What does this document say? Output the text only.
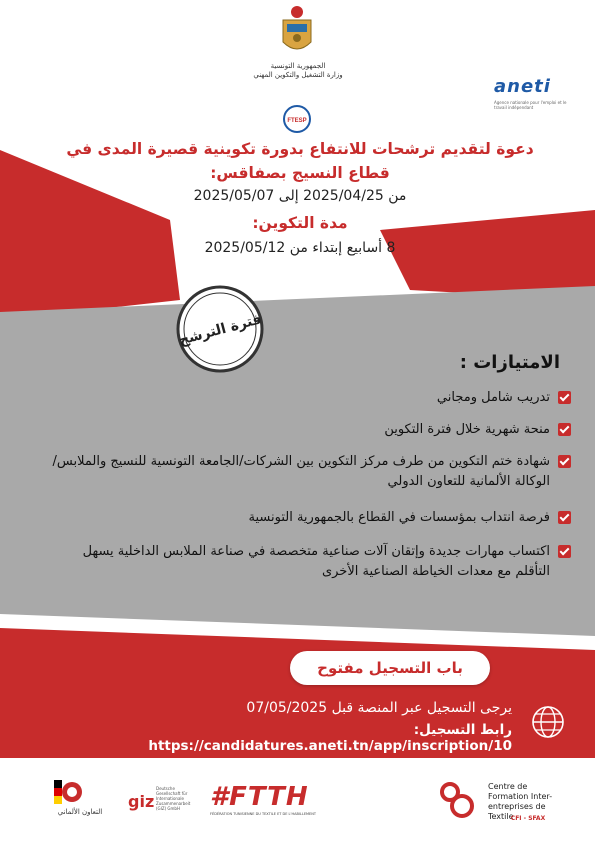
الجمهورية التونسية
وزارة التشغيل والتكوين المهني
aneti
Agence nationale pour l'emploi et le travail indépendant
FTESP
دعوة لتقديم ترشحات للانتفاع بدورة تكوينية قصيرة المدى في
قطاع النسيج بصفاقس:
من 2025/04/25 إلى 2025/05/07
مدة التكوين:
8 أسابيع إبتداء من 2025/05/12
فترة الترشح
الامتيازات :
تدريب شامل ومجاني
منحة شهرية خلال فترة التكوين
شهادة ختم التكوين من طرف مركز التكوين بين الشركات/الجامعة التونسية للنسيج والملابس/ الوكالة الألمانية للتعاون الدولي
فرصة انتداب بمؤسسات في القطاع بالجمهورية التونسية
اكتساب مهارات جديدة وإتقان آلات صناعية متخصصة في صناعة الملابس الداخلية يسهل التأقلم مع معدات الخياطة الصناعية الأخرى
باب التسجيل مفتوح
يرجى التسجيل عبر المنصة قبل 07/05/2025
رابط التسجيل: https://candidatures.aneti.tn/app/inscription/10
التعاون الألماني
giz
Deutsche Gesellschaft für Internationale Zusammenarbeit (GIZ) GmbH	#FTTH
FÉDÉRATION TUNISIENNE DU TEXTILE ET DE L'HABILLEMENT
Centre de Formation Inter-entreprises de Textile
CFI - SFAX
